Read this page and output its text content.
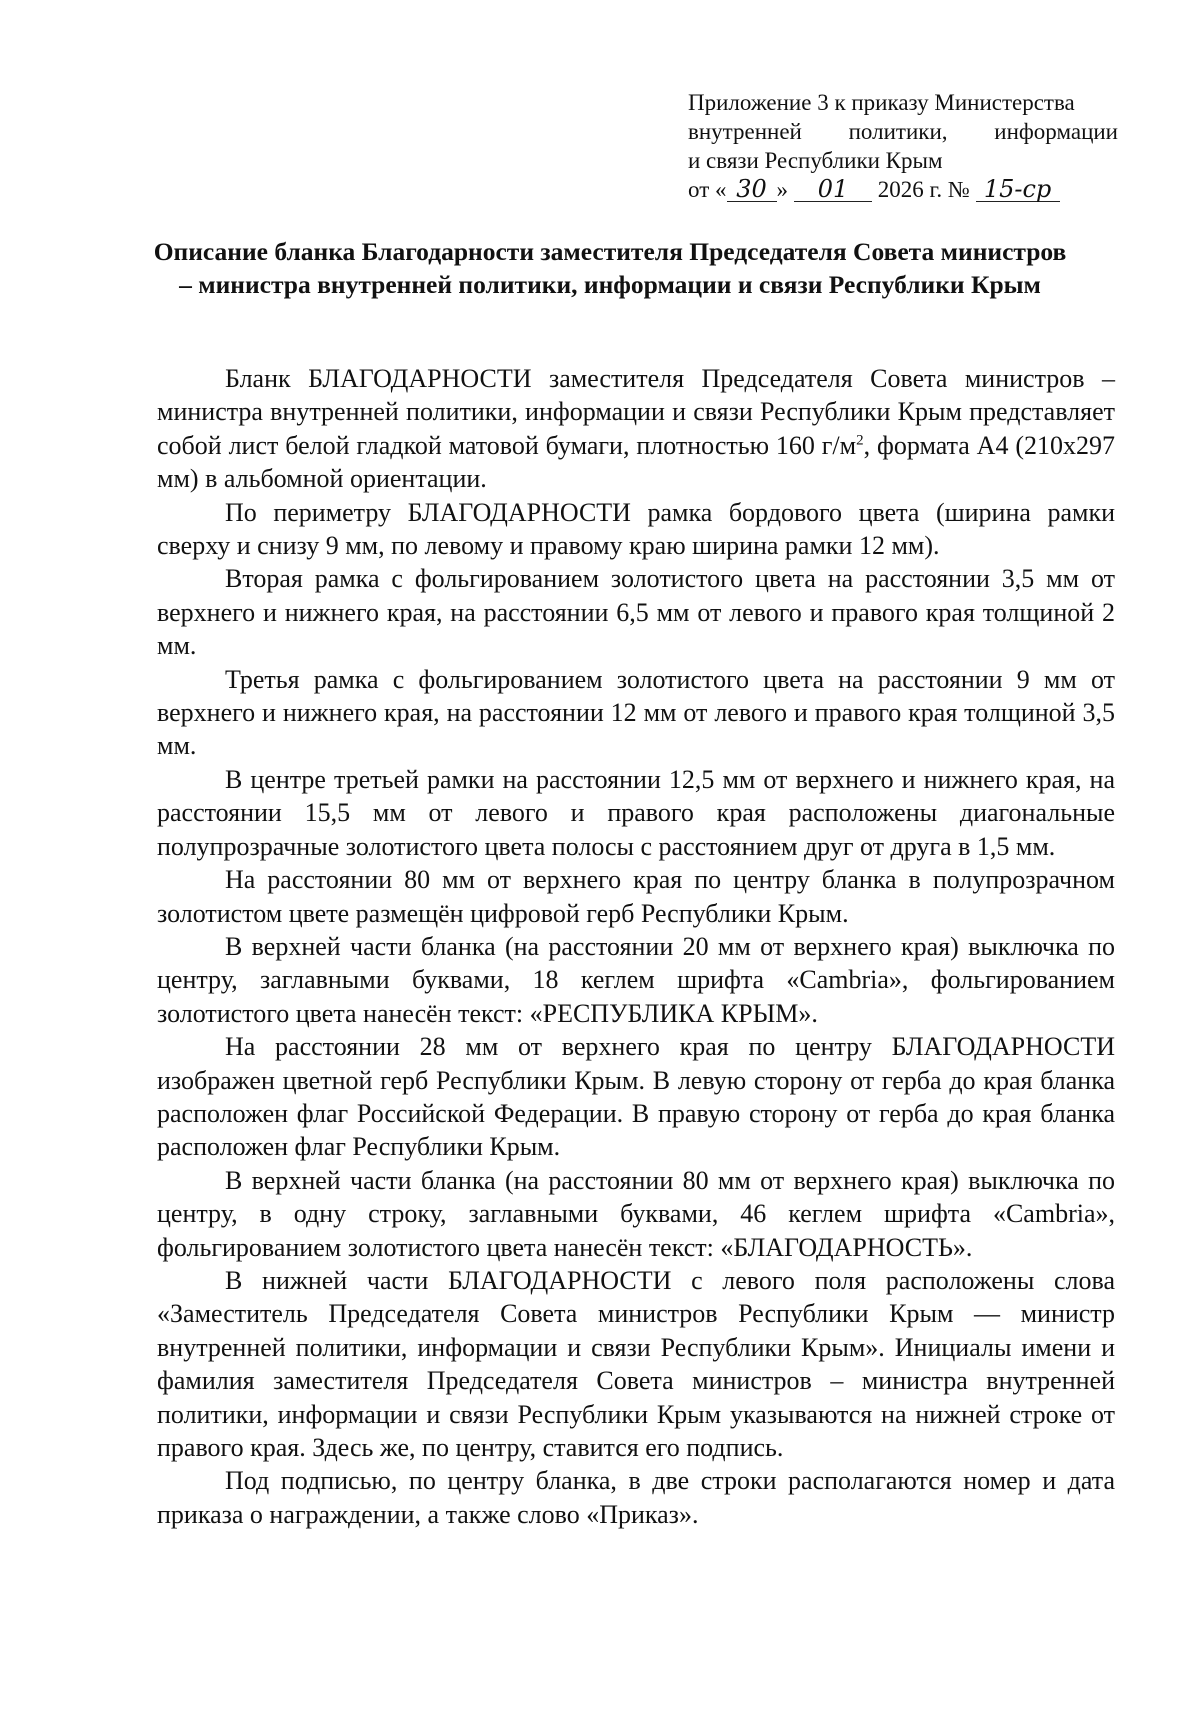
Приложение 3 к приказу Министерства
внутренней политики, информации
и связи Республики Крым
от « 30 » 01 2026 г. № 15-ср
Описание бланка Благодарности заместителя Председателя Совета министров – министра внутренней политики, информации и связи Республики Крым

Бланк БЛАГОДАРНОСТИ заместителя Председателя Совета министров – министра внутренней политики, информации и связи Республики Крым представляет собой лист белой гладкой матовой бумаги, плотностью 160 $г/м^2$, формата А4 (210х297 мм) в альбомной ориентации.

По периметру БЛАГОДАРНОСТИ рамка бордового цвета (ширина рамки сверху и снизу 9 мм, по левому и правому краю ширина рамки 12 мм).

Вторая рамка с фольгированием золотистого цвета на расстоянии 3,5 мм от верхнего и нижнего края, на расстоянии 6,5 мм от левого и правого края толщиной 2 мм.

Третья рамка с фольгированием золотистого цвета на расстоянии 9 мм от верхнего и нижнего края, на расстоянии 12 мм от левого и правого края толщиной 3,5 мм.

В центре третьей рамки на расстоянии 12,5 мм от верхнего и нижнего края, на расстоянии 15,5 мм от левого и правого края расположены диагональные полупрозрачные золотистого цвета полосы с расстоянием друг от друга в 1,5 мм.

На расстоянии 80 мм от верхнего края по центру бланка в полупрозрачном золотистом цвете размещён цифровой герб Республики Крым.

В верхней части бланка (на расстоянии 20 мм от верхнего края) выключка по центру, заглавными буквами, 18 кеглем шрифта «Cambria», фольгированием золотистого цвета нанесён текст: «РЕСПУБЛИКА КРЫМ».

На расстоянии 28 мм от верхнего края по центру БЛАГОДАРНОСТИ изображен цветной герб Республики Крым. В левую сторону от герба до края бланка расположен флаг Российской Федерации. В правую сторону от герба до края бланка расположен флаг Республики Крым.

В верхней части бланка (на расстоянии 80 мм от верхнего края) выключка по центру, в одну строку, заглавными буквами, 46 кеглем шрифта «Cambria», фольгированием золотистого цвета нанесён текст: «БЛАГОДАРНОСТЬ».

В нижней части БЛАГОДАРНОСТИ с левого поля расположены слова «Заместитель Председателя Совета министров Республики Крым — министр внутренней политики, информации и связи Республики Крым». Инициалы имени и фамилия заместителя Председателя Совета министров – министра внутренней политики, информации и связи Республики Крым указываются на нижней строке от правого края. Здесь же, по центру, ставится его подпись.

Под подписью, по центру бланка, в две строки располагаются номер и дата приказа о награждении, а также слово «Приказ».
